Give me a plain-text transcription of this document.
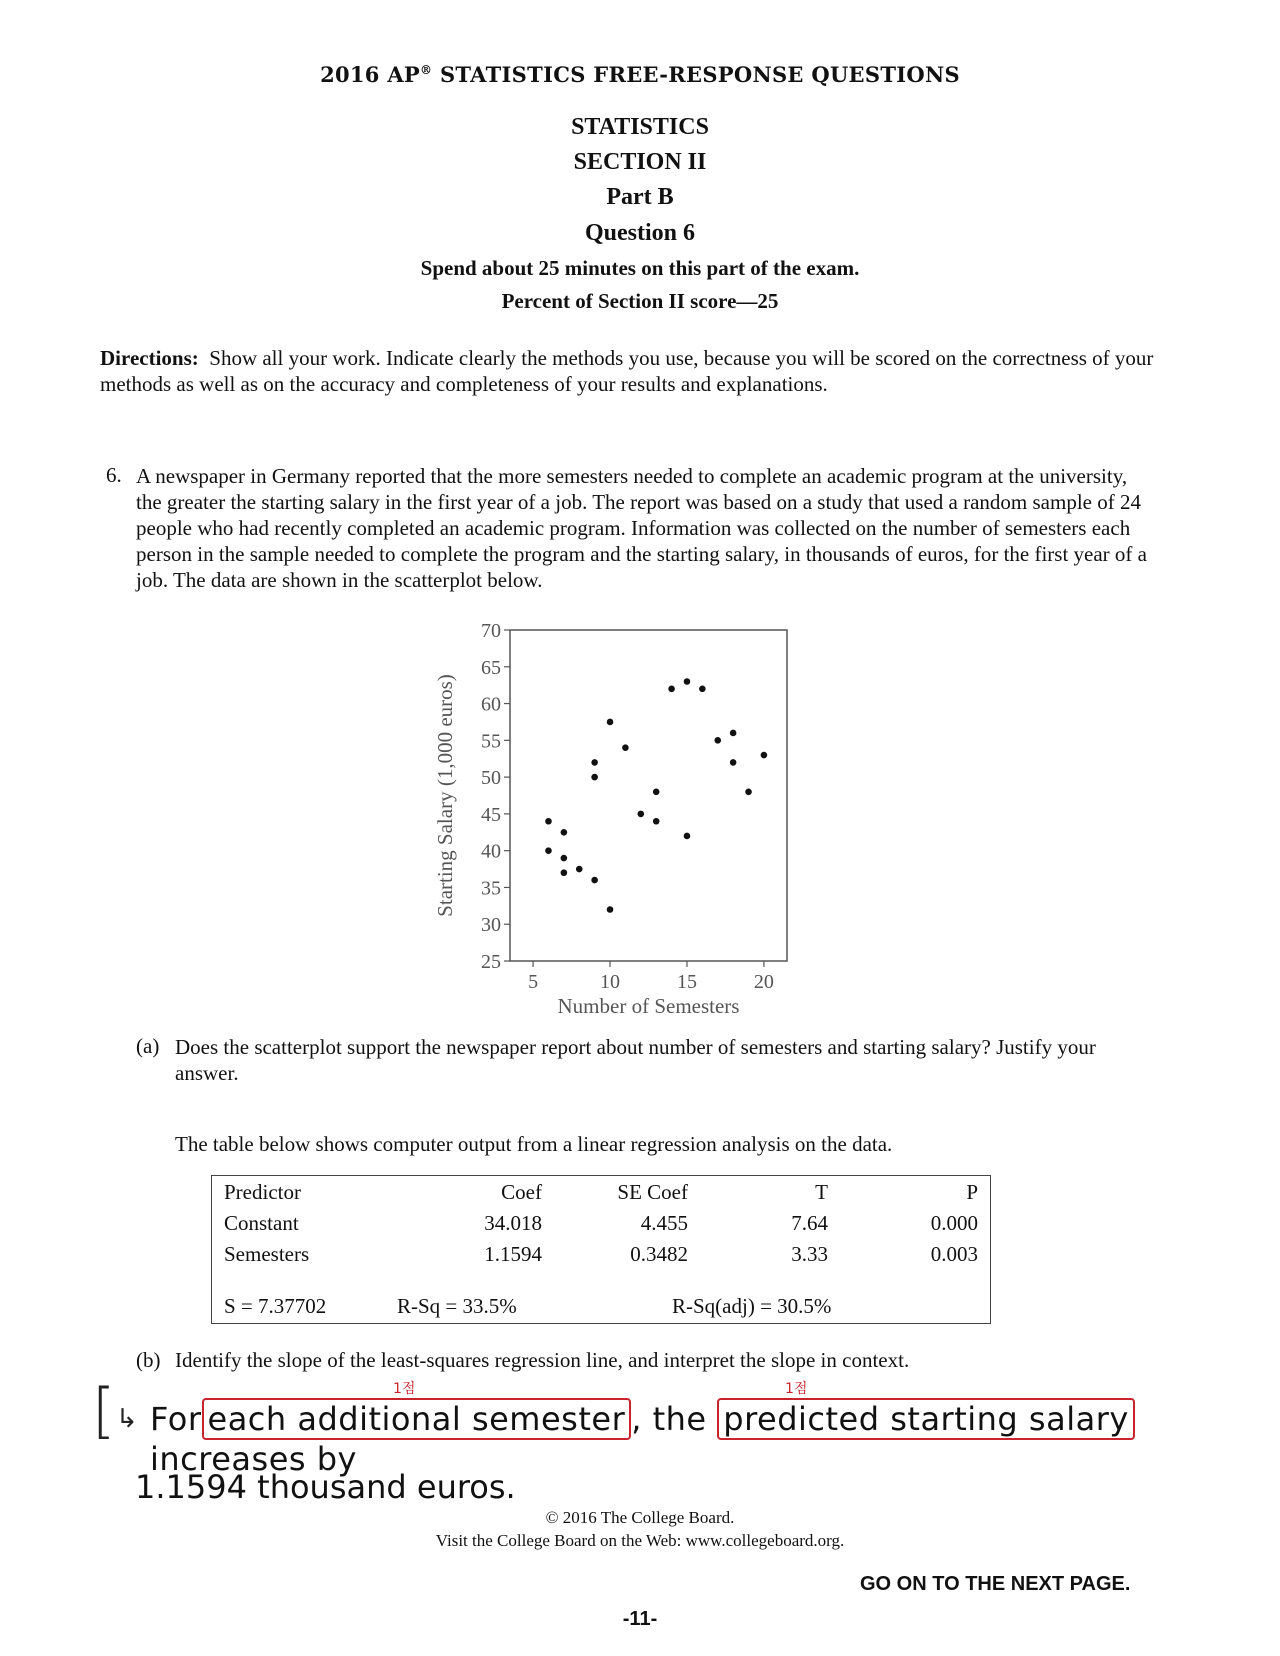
2016 AP® STATISTICS FREE-RESPONSE QUESTIONS
STATISTICS
SECTION II
Part B
Question 6
Spend about 25 minutes on this part of the exam.
Percent of Section II score—25
Directions: Show all your work. Indicate clearly the methods you use, because you will be scored on the correctness of your methods as well as on the accuracy and completeness of your results and explanations.
6. A newspaper in Germany reported that the more semesters needed to complete an academic program at the university, the greater the starting salary in the first year of a job. The report was based on a study that used a random sample of 24 people who had recently completed an academic program. Information was collected on the number of semesters each person in the sample needed to complete the program and the starting salary, in thousands of euros, for the first year of a job. The data are shown in the scatterplot below.
25
30
35
40
45
50
55
60
65
70
5	10	15	20
Number of Semesters
Starting Salary (1,000 euros)
(a) Does the scatterplot support the newspaper report about number of semesters and starting salary? Justify your answer.
The table below shows computer output from a linear regression analysis on the data.
Predictor	Coef	SE Coef	T	P
Constant	34.018	4.455	7.64	0.000
Semesters	1.1594	0.3482	3.33	0.003
S = 7.37702	R-Sq = 33.5%	R-Sq(adj) = 30.5%
(b) Identify the slope of the least-squares regression line, and interpret the slope in context.
1점	1점
[ ↳ For each additional semester , the predicted starting salary increases by
1.1594 thousand euros.
© 2016 The College Board.
Visit the College Board on the Web: www.collegeboard.org.
GO ON TO THE NEXT PAGE.
-11-
